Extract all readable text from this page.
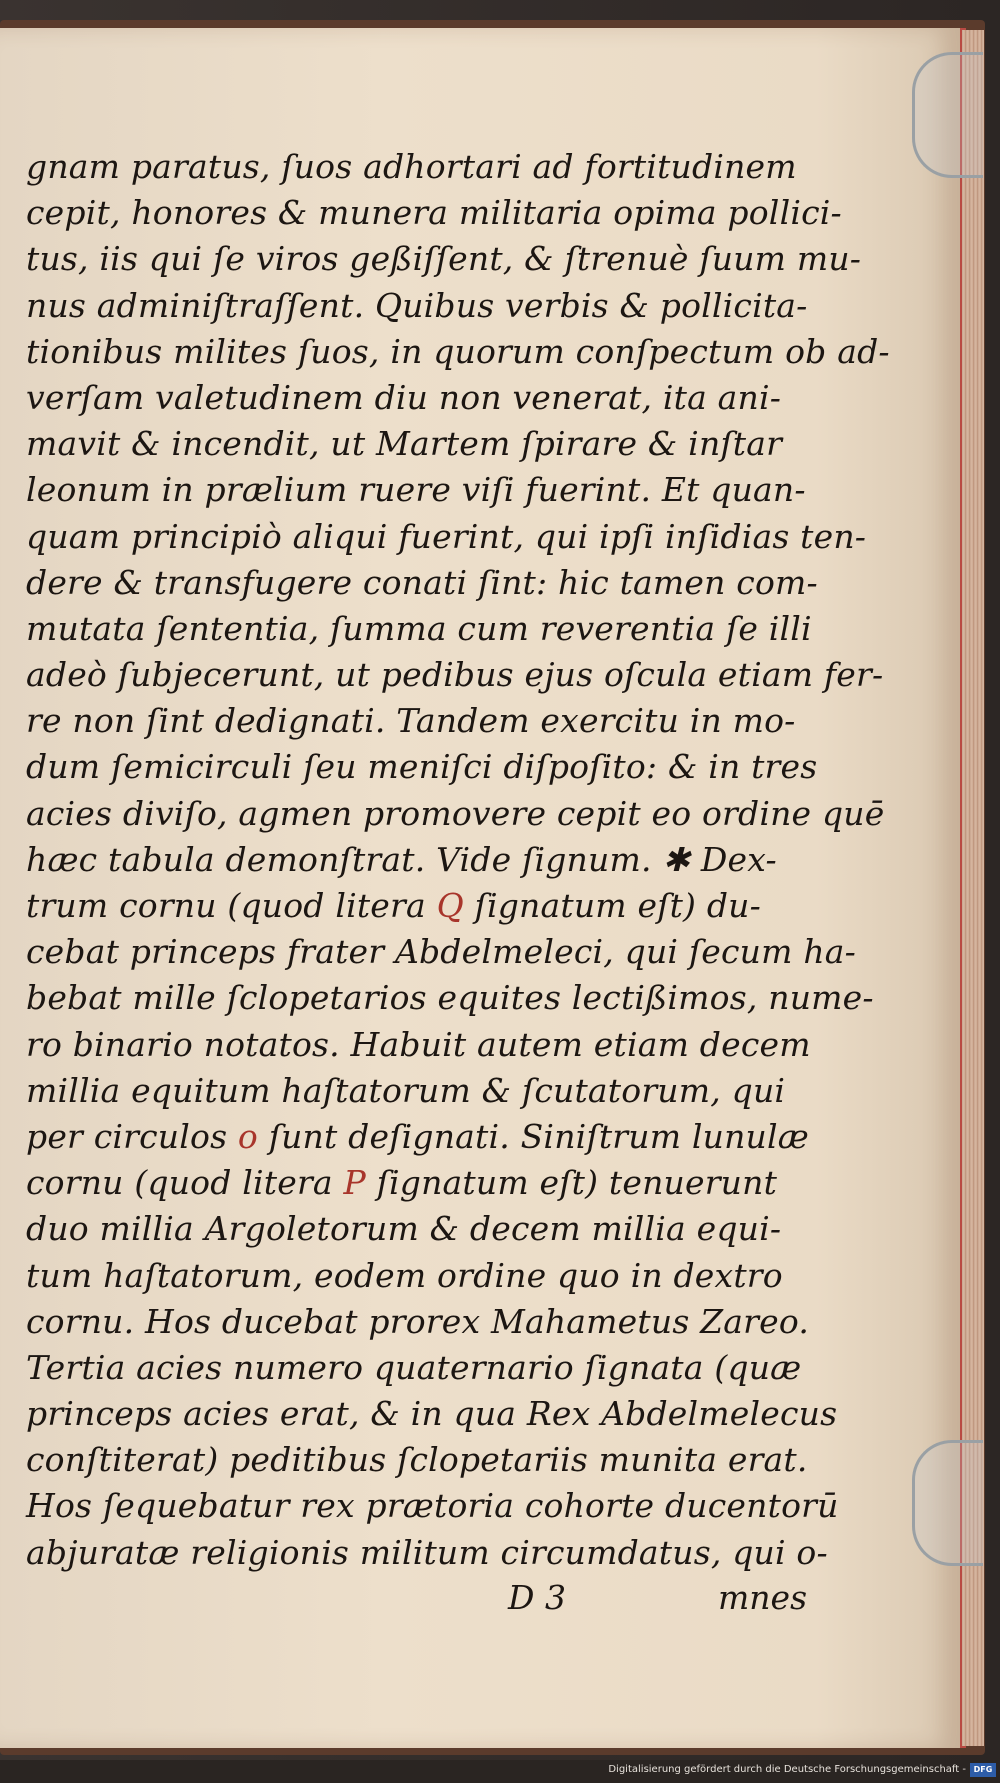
gnam paratus, ſuos adhortari ad fortitudinem
cepit, honores & munera militaria opima pollici-
tus, iis qui ſe viros geßiſſent, & ſtrenuè ſuum mu-
nus adminiſtraſſent. Quibus verbis & pollicita-
tionibus milites ſuos, in quorum conſpectum ob ad-
verſam valetudinem diu non venerat, ita ani-
mavit & incendit, ut Martem ſpirare & inſtar
leonum in prælium ruere viſi fuerint. Et quan-
quam principiò aliqui fuerint, qui ipſi inſidias ten-
dere & transfugere conati ſint: hic tamen com-
mutata ſententia, ſumma cum reverentia ſe illi
adeò ſubjecerunt, ut pedibus ejus oſcula etiam fer-
re non ſint dedignati. Tandem exercitu in mo-
dum ſemicirculi ſeu meniſci diſpoſito: & in tres
acies diviſo, agmen promovere cepit eo ordine quē
hæc tabula demonſtrat. Vide ſignum. ✱ Dex-
trum cornu (quod litera Q ſignatum eſt) du-
cebat princeps frater Abdelmeleci, qui ſecum ha-
bebat mille ſclopetarios equites lectißimos, nume-
ro binario notatos. Habuit autem etiam decem
millia equitum haſtatorum & ſcutatorum, qui
per circulos o ſunt deſignati. Siniſtrum lunulæ
cornu (quod litera P ſignatum eſt) tenuerunt
duo millia Argoletorum & decem millia equi-
tum haſtatorum, eodem ordine quo in dextro
cornu. Hos ducebat prorex Mahametus Zareo.
Tertia acies numero quaternario ſignata (quæ
princeps acies erat, & in qua Rex Abdelmelecus
conſtiterat) peditibus ſclopetariis munita erat.
Hos ſequebatur rex prætoria cohorte ducentorū
abjuratæ religionis militum circumdatus, qui o-
D 3	mnes
Digitalisierung gefördert durch die Deutsche Forschungsgemeinschaft - DFG
